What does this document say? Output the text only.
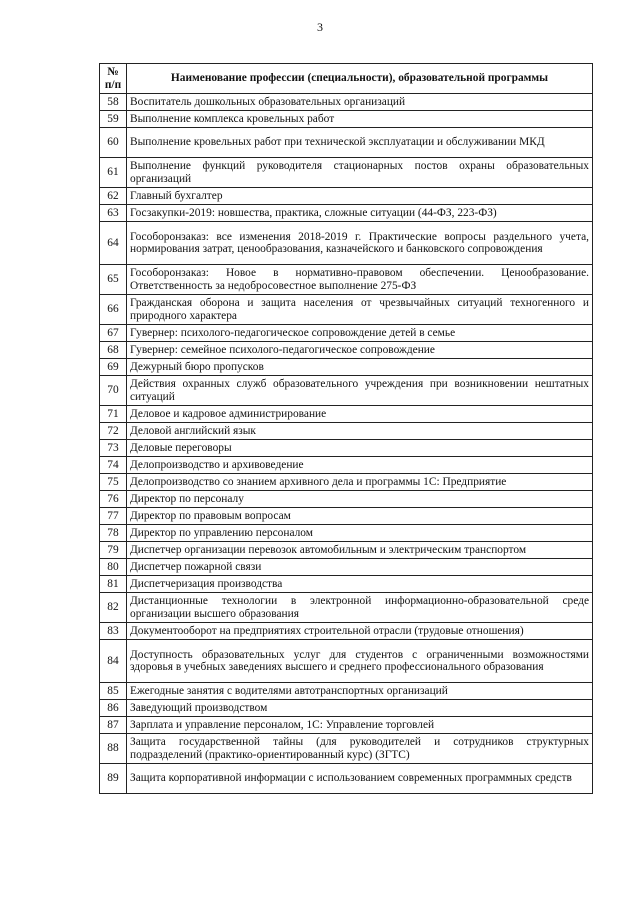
3
№ п/п	Наименование профессии (специальности), образовательной программы
58	Воспитатель дошкольных образовательных организаций
59	Выполнение комплекса кровельных работ
60	Выполнение кровельных работ при технической эксплуатации и обслуживании МКД
61	Выполнение функций руководителя стационарных постов охраны образовательных организаций
62	Главный бухгалтер
63	Госзакупки-2019: новшества, практика, сложные ситуации (44-ФЗ, 223-ФЗ)
64	Гособоронзаказ: все изменения 2018-2019 г. Практические вопросы раздельного учета, нормирования затрат, ценообразования, казначейского и банковского сопровождения
65	Гособоронзаказ: Новое в нормативно-правовом обеспечении. Ценообразование. Ответственность за недобросовестное выполнение 275-ФЗ
66	Гражданская оборона и защита населения от чрезвычайных ситуаций техногенного и природного характера
67	Гувернер: психолого-педагогическое сопровождение детей в семье
68	Гувернер: семейное психолого-педагогическое сопровождение
69	Дежурный бюро пропусков
70	Действия охранных служб образовательного учреждения при возникновении нештатных ситуаций
71	Деловое и кадровое администрирование
72	Деловой английский язык
73	Деловые переговоры
74	Делопроизводство и архивоведение
75	Делопроизводство со знанием архивного дела и программы 1С: Предприятие
76	Директор по персоналу
77	Директор по правовым вопросам
78	Директор по управлению персоналом
79	Диспетчер организации перевозок автомобильным и электрическим транспортом
80	Диспетчер пожарной связи
81	Диспетчеризация производства
82	Дистанционные технологии в электронной информационно-образовательной среде организации высшего образования
83	Документооборот на предприятиях строительной отрасли (трудовые отношения)
84	Доступность образовательных услуг для студентов с ограниченными возможностями здоровья в учебных заведениях высшего и среднего профессионального образования
85	Ежегодные занятия с водителями автотранспортных организаций
86	Заведующий производством
87	Зарплата и управление персоналом, 1С: Управление торговлей
88	Защита государственной тайны (для руководителей и сотрудников структурных подразделений (практико-ориентированный курс) (ЗГТС)
89	Защита корпоративной информации с использованием современных программных средств
